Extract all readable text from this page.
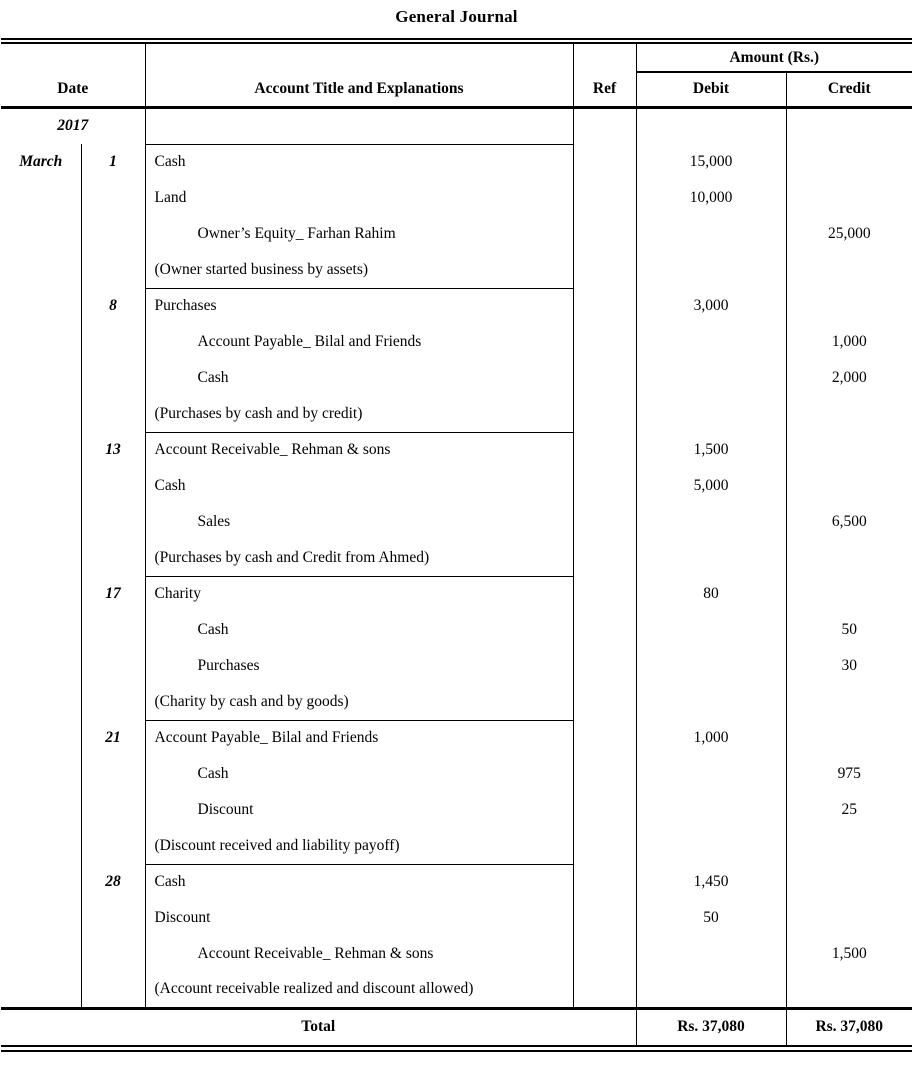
General Journal
				Amount (Rs.)	
Date		Account Title and Explanations	Ref	Debit	Credit
2017					
March	1	Cash		15,000	
		Land		10,000	
		Owner’s Equity_ Farhan Rahim			25,000
		(Owner started business by assets)			
	8	Purchases		3,000	
		Account Payable_ Bilal and Friends			1,000
		Cash			2,000
		(Purchases by cash and by credit)			
	13	Account Receivable_ Rehman & sons		1,500	
		Cash		5,000	
		Sales			6,500
		(Purchases by cash and Credit from Ahmed)			
	17	Charity		80	
		Cash			50
		Purchases			30
		(Charity by cash and by goods)			
	21	Account Payable_ Bilal and Friends		1,000	
		Cash			975
		Discount			25
		(Discount received and liability payoff)			
	28	Cash		1,450	
		Discount		50	
		Account Receivable_ Rehman & sons			1,500
		(Account receivable realized and discount allowed)			
Total				Rs. 37,080	Rs. 37,080
